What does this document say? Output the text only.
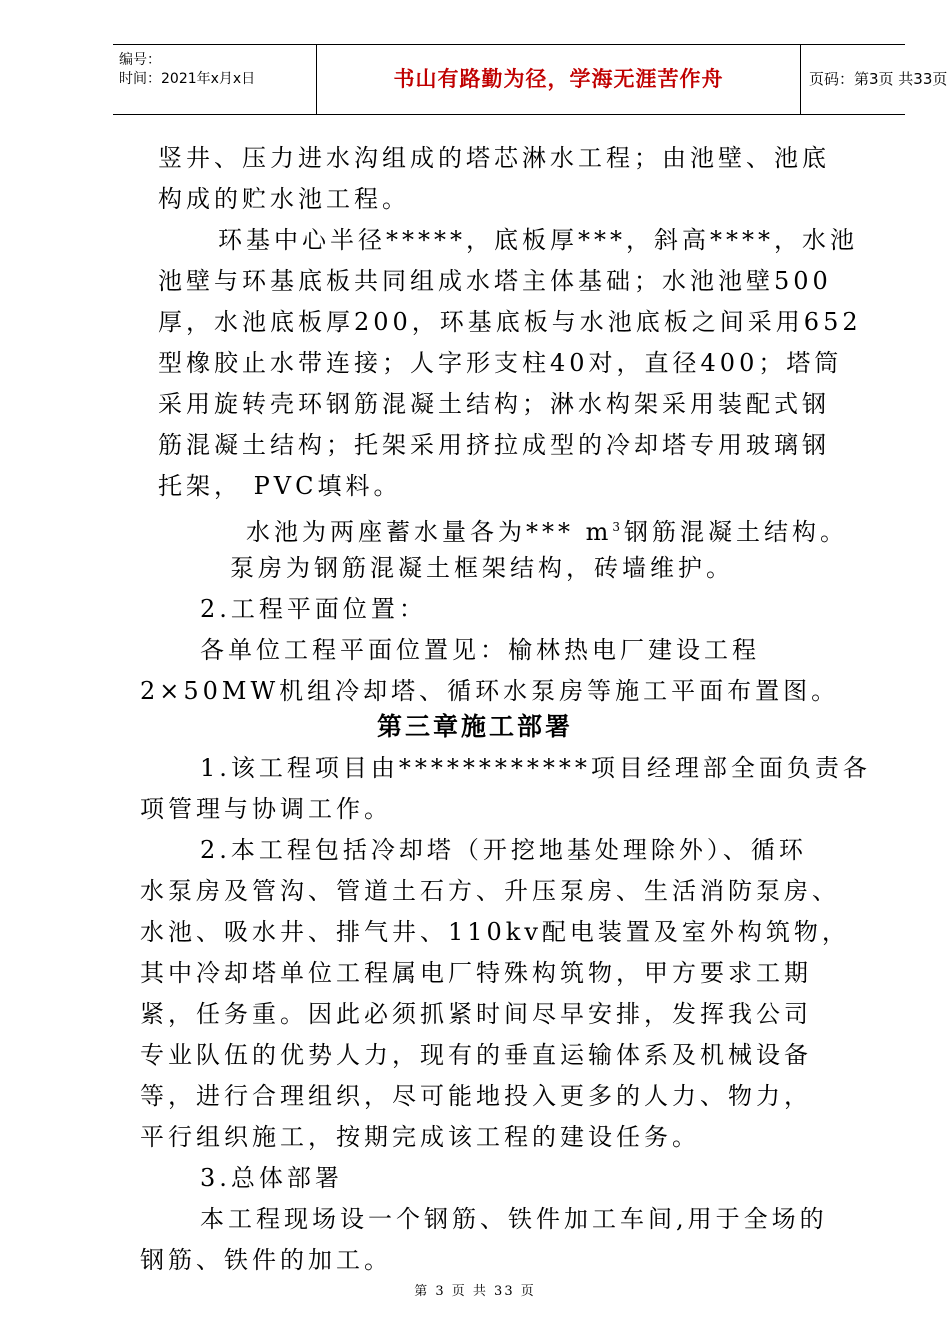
编号：
时间：2021年x月x日	书山有路勤为径，学海无涯苦作舟	页码：第3页 共33页
竖井、压力进水沟组成的塔芯淋水工程；由池壁、池底
构成的贮水池工程。
环基中心半径*****，底板厚***，斜高****，水池
池壁与环基底板共同组成水塔主体基础；水池池壁500
厚，水池底板厚200，环基底板与水池底板之间采用652
型橡胶止水带连接；人字形支柱40对，直径400；塔筒
采用旋转壳环钢筋混凝土结构；淋水构架采用装配式钢
筋混凝土结构；托架采用挤拉成型的冷却塔专用玻璃钢
托架， PVC填料。
水池为两座蓄水量各为*** $m^3$钢筋混凝土结构。
泵房为钢筋混凝土框架结构，砖墙维护。
2.工程平面位置：
各单位工程平面位置见：榆林热电厂建设工程
2×50MW机组冷却塔、循环水泵房等施工平面布置图。
第三章施工部署
1.该工程项目由************项目经理部全面负责各
项管理与协调工作。
2.本工程包括冷却塔（开挖地基处理除外）、循环
水泵房及管沟、管道土石方、升压泵房、生活消防泵房、
水池、吸水井、排气井、110kv配电装置及室外构筑物，
其中冷却塔单位工程属电厂特殊构筑物，甲方要求工期
紧，任务重。因此必须抓紧时间尽早安排，发挥我公司
专业队伍的优势人力，现有的垂直运输体系及机械设备
等，进行合理组织，尽可能地投入更多的人力、物力，
平行组织施工，按期完成该工程的建设任务。
3.总体部署
本工程现场设一个钢筋、铁件加工车间,用于全场的
钢筋、铁件的加工。
第 3 页 共 33 页
